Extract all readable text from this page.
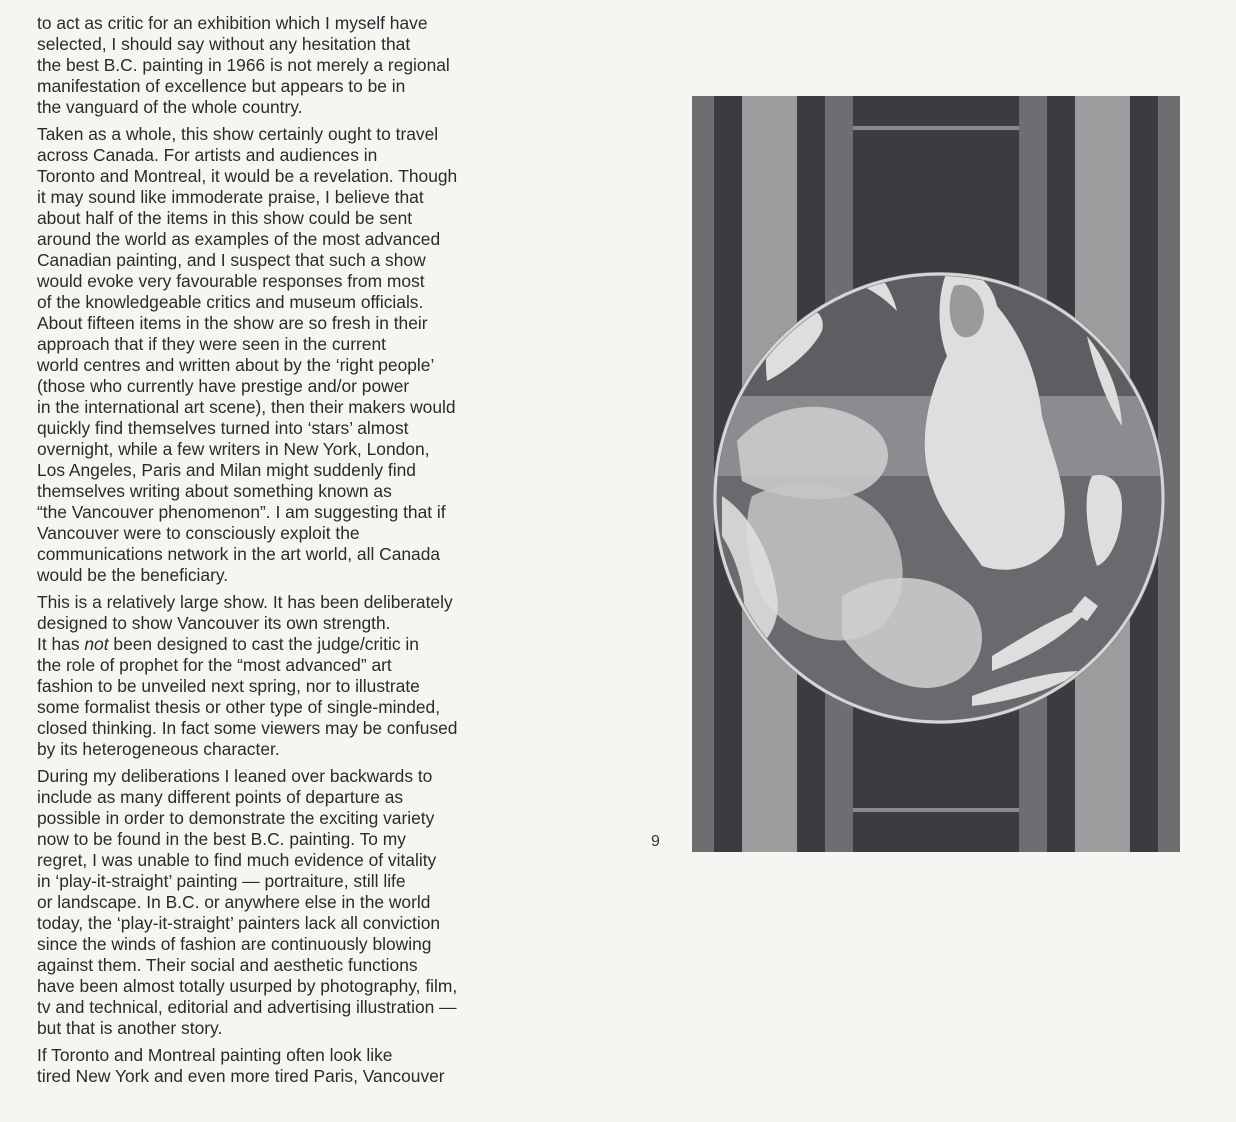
to act as critic for an exhibition which I myself have
selected, I should say without any hesitation that
the best B.C. painting in 1966 is not merely a regional
manifestation of excellence but appears to be in
the vanguard of the whole country.

Taken as a whole, this show certainly ought to travel
across Canada. For artists and audiences in
Toronto and Montreal, it would be a revelation. Though
it may sound like immoderate praise, I believe that
about half of the items in this show could be sent
around the world as examples of the most advanced
Canadian painting, and I suspect that such a show
would evoke very favourable responses from most
of the knowledgeable critics and museum officials.
About fifteen items in the show are so fresh in their
approach that if they were seen in the current
world centres and written about by the ‘right people’
(those who currently have prestige and/or power
in the international art scene), then their makers would
quickly find themselves turned into ‘stars’ almost
overnight, while a few writers in New York, London,
Los Angeles, Paris and Milan might suddenly find
themselves writing about something known as
“the Vancouver phenomenon”. I am suggesting that if
Vancouver were to consciously exploit the
communications network in the art world, all Canada
would be the beneficiary.

This is a relatively large show. It has been deliberately
designed to show Vancouver its own strength.
It has not been designed to cast the judge/critic in
the role of prophet for the “most advanced” art
fashion to be unveiled next spring, nor to illustrate
some formalist thesis or other type of single-minded,
closed thinking. In fact some viewers may be confused
by its heterogeneous character.

During my deliberations I leaned over backwards to
include as many different points of departure as
possible in order to demonstrate the exciting variety
now to be found in the best B.C. painting. To my
regret, I was unable to find much evidence of vitality
in ‘play-it-straight’ painting — portraiture, still life
or landscape. In B.C. or anywhere else in the world
today, the ‘play-it-straight’ painters lack all conviction
since the winds of fashion are continuously blowing
against them. Their social and aesthetic functions
have been almost totally usurped by photography, film,
tv and technical, editorial and advertising illustration —
but that is another story.

If Toronto and Montreal painting often look like
tired New York and even more tired Paris, Vancouver

9
